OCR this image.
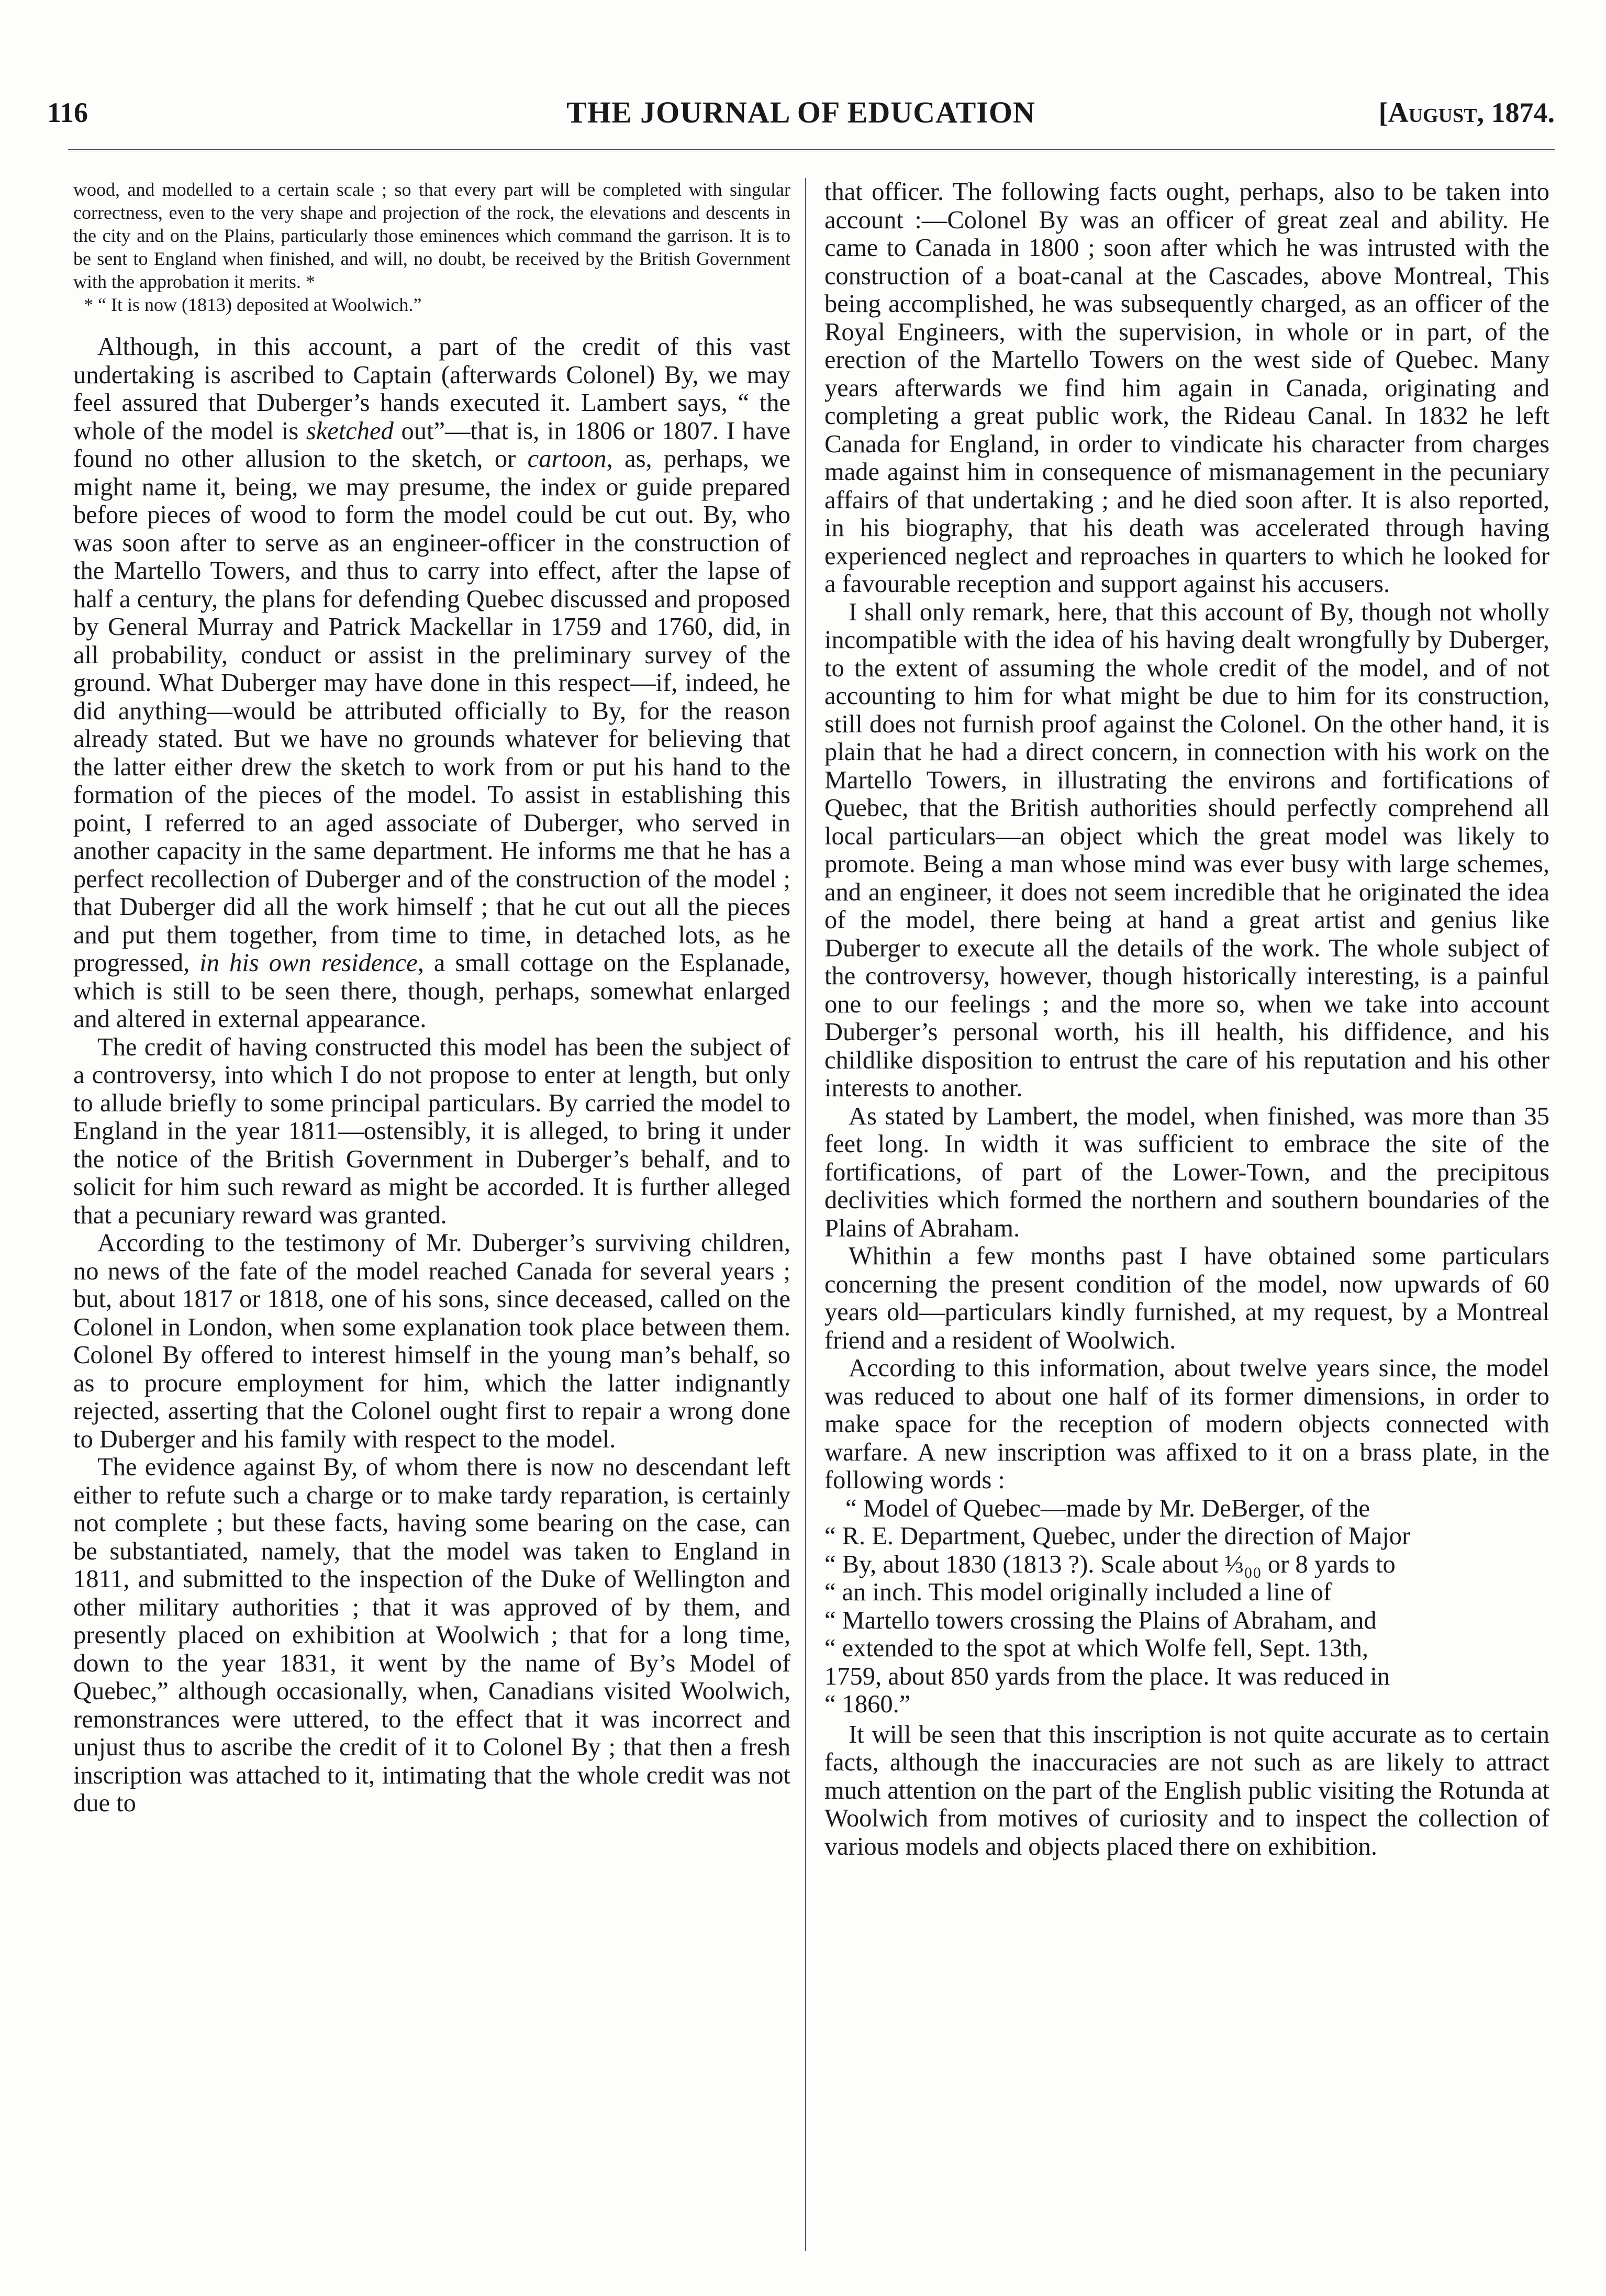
116	THE JOURNAL OF EDUCATION	[August, 1874.

wood, and modelled to a certain scale ; so that every part will be completed with singular correctness, even to the very shape and projection of the rock, the elevations and descents in the city and on the Plains, particularly those eminences which command the garrison. It is to be sent to England when finished, and will, no doubt, be received by the British Government with the approbation it merits. *

* “ It is now (1813) deposited at Woolwich.”

Although, in this account, a part of the credit of this vast undertaking is ascribed to Captain (afterwards Colonel) By, we may feel assured that Duberger’s hands executed it. Lambert says, “ the whole of the model is sketched out”—that is, in 1806 or 1807. I have found no other allusion to the sketch, or cartoon, as, perhaps, we might name it, being, we may presume, the index or guide prepared before pieces of wood to form the model could be cut out. By, who was soon after to serve as an engineer-officer in the construction of the Martello Towers, and thus to carry into effect, after the lapse of half a century, the plans for defending Quebec discussed and proposed by General Murray and Patrick Mackellar in 1759 and 1760, did, in all probability, conduct or assist in the preliminary survey of the ground. What Duberger may have done in this respect—if, indeed, he did anything—would be attributed officially to By, for the reason already stated. But we have no grounds whatever for believing that the latter either drew the sketch to work from or put his hand to the formation of the pieces of the model. To assist in establishing this point, I referred to an aged associate of Duberger, who served in another capacity in the same department. He informs me that he has a perfect recollection of Duberger and of the construction of the model ; that Duberger did all the work himself ; that he cut out all the pieces and put them together, from time to time, in detached lots, as he progressed, in his own residence, a small cottage on the Esplanade, which is still to be seen there, though, perhaps, somewhat enlarged and altered in external appearance.

The credit of having constructed this model has been the subject of a controversy, into which I do not propose to enter at length, but only to allude briefly to some principal particulars. By carried the model to England in the year 1811—ostensibly, it is alleged, to bring it under the notice of the British Government in Duberger’s behalf, and to solicit for him such reward as might be accorded. It is further alleged that a pecuniary reward was granted.

According to the testimony of Mr. Duberger’s surviving children, no news of the fate of the model reached Canada for several years ; but, about 1817 or 1818, one of his sons, since deceased, called on the Colonel in London, when some explanation took place between them. Colonel By offered to interest himself in the young man’s behalf, so as to procure employment for him, which the latter indignantly rejected, asserting that the Colonel ought first to repair a wrong done to Duberger and his family with respect to the model.

The evidence against By, of whom there is now no descendant left either to refute such a charge or to make tardy reparation, is certainly not complete ; but these facts, having some bearing on the case, can be substantiated, namely, that the model was taken to England in 1811, and submitted to the inspection of the Duke of Wellington and other military authorities ; that it was approved of by them, and presently placed on exhibition at Woolwich ; that for a long time, down to the year 1831, it went by the name of By’s Model of Quebec,” although occasionally, when, Canadians visited Woolwich, remonstrances were uttered, to the effect that it was incorrect and unjust thus to ascribe the credit of it to Colonel By ; that then a fresh inscription was attached to it, intimating that the whole credit was not due to

that officer. The following facts ought, perhaps, also to be taken into account :—Colonel By was an officer of great zeal and ability. He came to Canada in 1800 ; soon after which he was intrusted with the construction of a boat-canal at the Cascades, above Montreal, This being accomplished, he was subsequently charged, as an officer of the Royal Engineers, with the supervision, in whole or in part, of the erection of the Martello Towers on the west side of Quebec. Many years afterwards we find him again in Canada, originating and completing a great public work, the Rideau Canal. In 1832 he left Canada for England, in order to vindicate his character from charges made against him in consequence of mismanagement in the pecuniary affairs of that undertaking ; and he died soon after. It is also reported, in his biography, that his death was accelerated through having experienced neglect and reproaches in quarters to which he looked for a favourable reception and support against his accusers.

I shall only remark, here, that this account of By, though not wholly incompatible with the idea of his having dealt wrongfully by Duberger, to the extent of assuming the whole credit of the model, and of not accounting to him for what might be due to him for its construction, still does not furnish proof against the Colonel. On the other hand, it is plain that he had a direct concern, in connection with his work on the Martello Towers, in illustrating the environs and fortifications of Quebec, that the British authorities should perfectly comprehend all local particulars—an object which the great model was likely to promote. Being a man whose mind was ever busy with large schemes, and an engineer, it does not seem incredible that he originated the idea of the model, there being at hand a great artist and genius like Duberger to execute all the details of the work. The whole subject of the controversy, however, though historically interesting, is a painful one to our feelings ; and the more so, when we take into account Duberger’s personal worth, his ill health, his diffidence, and his childlike disposition to entrust the care of his reputation and his other interests to another.

As stated by Lambert, the model, when finished, was more than 35 feet long. In width it was sufficient to embrace the site of the fortifications, of part of the Lower-Town, and the precipitous declivities which formed the northern and southern boundaries of the Plains of Abraham.

Whithin a few months past I have obtained some particulars concerning the present condition of the model, now upwards of 60 years old—particulars kindly furnished, at my request, by a Montreal friend and a resident of Woolwich.

According to this information, about twelve years since, the model was reduced to about one half of its former dimensions, in order to make space for the reception of modern objects connected with warfare. A new inscription was affixed to it on a brass plate, in the following words :

“ Model of Quebec—made by Mr. DeBerger, of the

“ R. E. Department, Quebec, under the direction of Major

“ By, about 1830 (1813 ?). Scale about ⅓₀₀ or 8 yards to

“ an inch. This model originally included a line of

“ Martello towers crossing the Plains of Abraham, and

“ extended to the spot at which Wolfe fell, Sept. 13th,

1759, about 850 yards from the place. It was reduced in

“ 1860.”

It will be seen that this inscription is not quite accurate as to certain facts, although the inaccuracies are not such as are likely to attract much attention on the part of the English public visiting the Rotunda at Woolwich from motives of curiosity and to inspect the collection of various models and objects placed there on exhibition.
